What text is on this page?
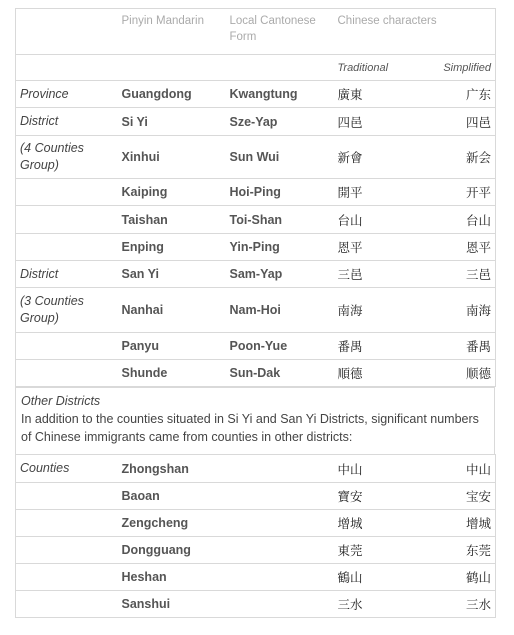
	Pinyin Mandarin	Local Cantonese Form	Chinese characters	
			Traditional	Simplified
Province	Guangdong	Kwangtung	廣東	广东
District	Si Yi	Sze-Yap	四邑	四邑
(4 Counties Group)	Xinhui	Sun Wui	新會	新会
	Kaiping	Hoi-Ping	開平	开平
	Taishan	Toi-Shan	台山	台山
	Enping	Yin-Ping	恩平	恩平
District	San Yi	Sam-Yap	三邑	三邑
(3 Counties Group)	Nanhai	Nam-Hoi	南海	南海
	Panyu	Poon-Yue	番禺	番禺
	Shunde	Sun-Dak	順德	顺德
Other Districts
In addition to the counties situated in Si Yi and San Yi Districts, significant numbers of Chinese immigrants came from counties in other districts:
Counties	Zhongshan		中山	中山
	Baoan		寶安	宝安
	Zengcheng		增城	增城
	Dongguang		東莞	东莞
	Heshan		鶴山	鹤山
	Sanshui		三水	三水
